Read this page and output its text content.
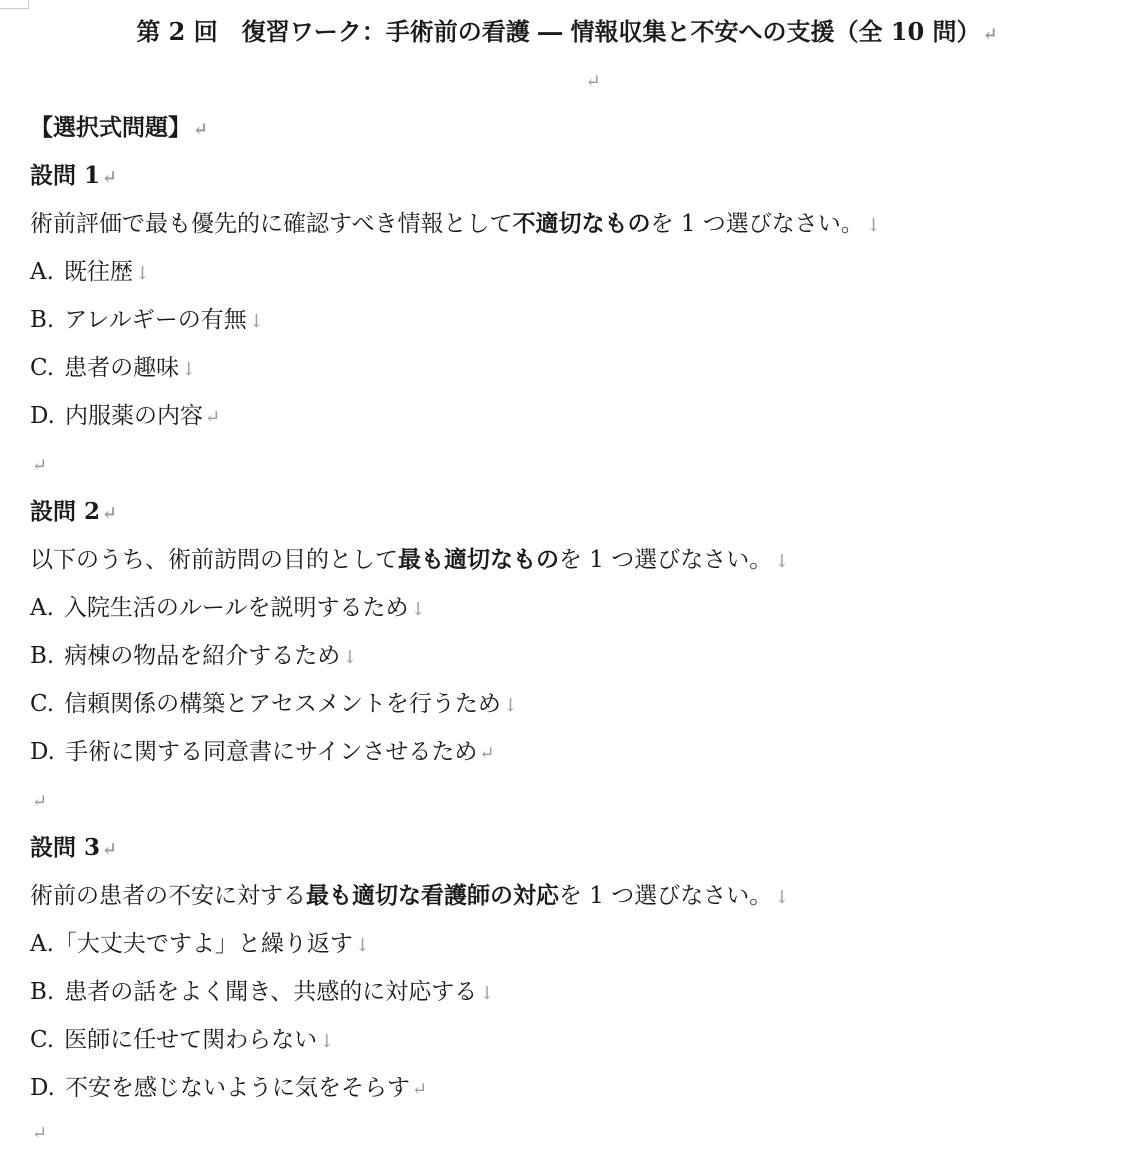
第 2 回　復習ワーク：手術前の看護 ― 情報収集と不安への支援（全 10 問） ↵
↵
【選択式問題】 ↵
設問 1 ↵
術前評価で最も優先的に確認すべき情報として不適切なものを 1 つ選びなさい。 ↓
A. 既往歴 ↓
B. アレルギーの有無 ↓
C. 患者の趣味 ↓
D. 内服薬の内容 ↵
↵
設問 2 ↵
以下のうち、術前訪問の目的として最も適切なものを 1 つ選びなさい。 ↓
A. 入院生活のルールを説明するため ↓
B. 病棟の物品を紹介するため ↓
C. 信頼関係の構築とアセスメントを行うため ↓
D. 手術に関する同意書にサインさせるため ↵
↵
設問 3 ↵
術前の患者の不安に対する最も適切な看護師の対応を 1 つ選びなさい。 ↓
A.「大丈夫ですよ」と繰り返す ↓
B. 患者の話をよく聞き、共感的に対応する ↓
C. 医師に任せて関わらない ↓
D. 不安を感じないように気をそらす ↵
↵
